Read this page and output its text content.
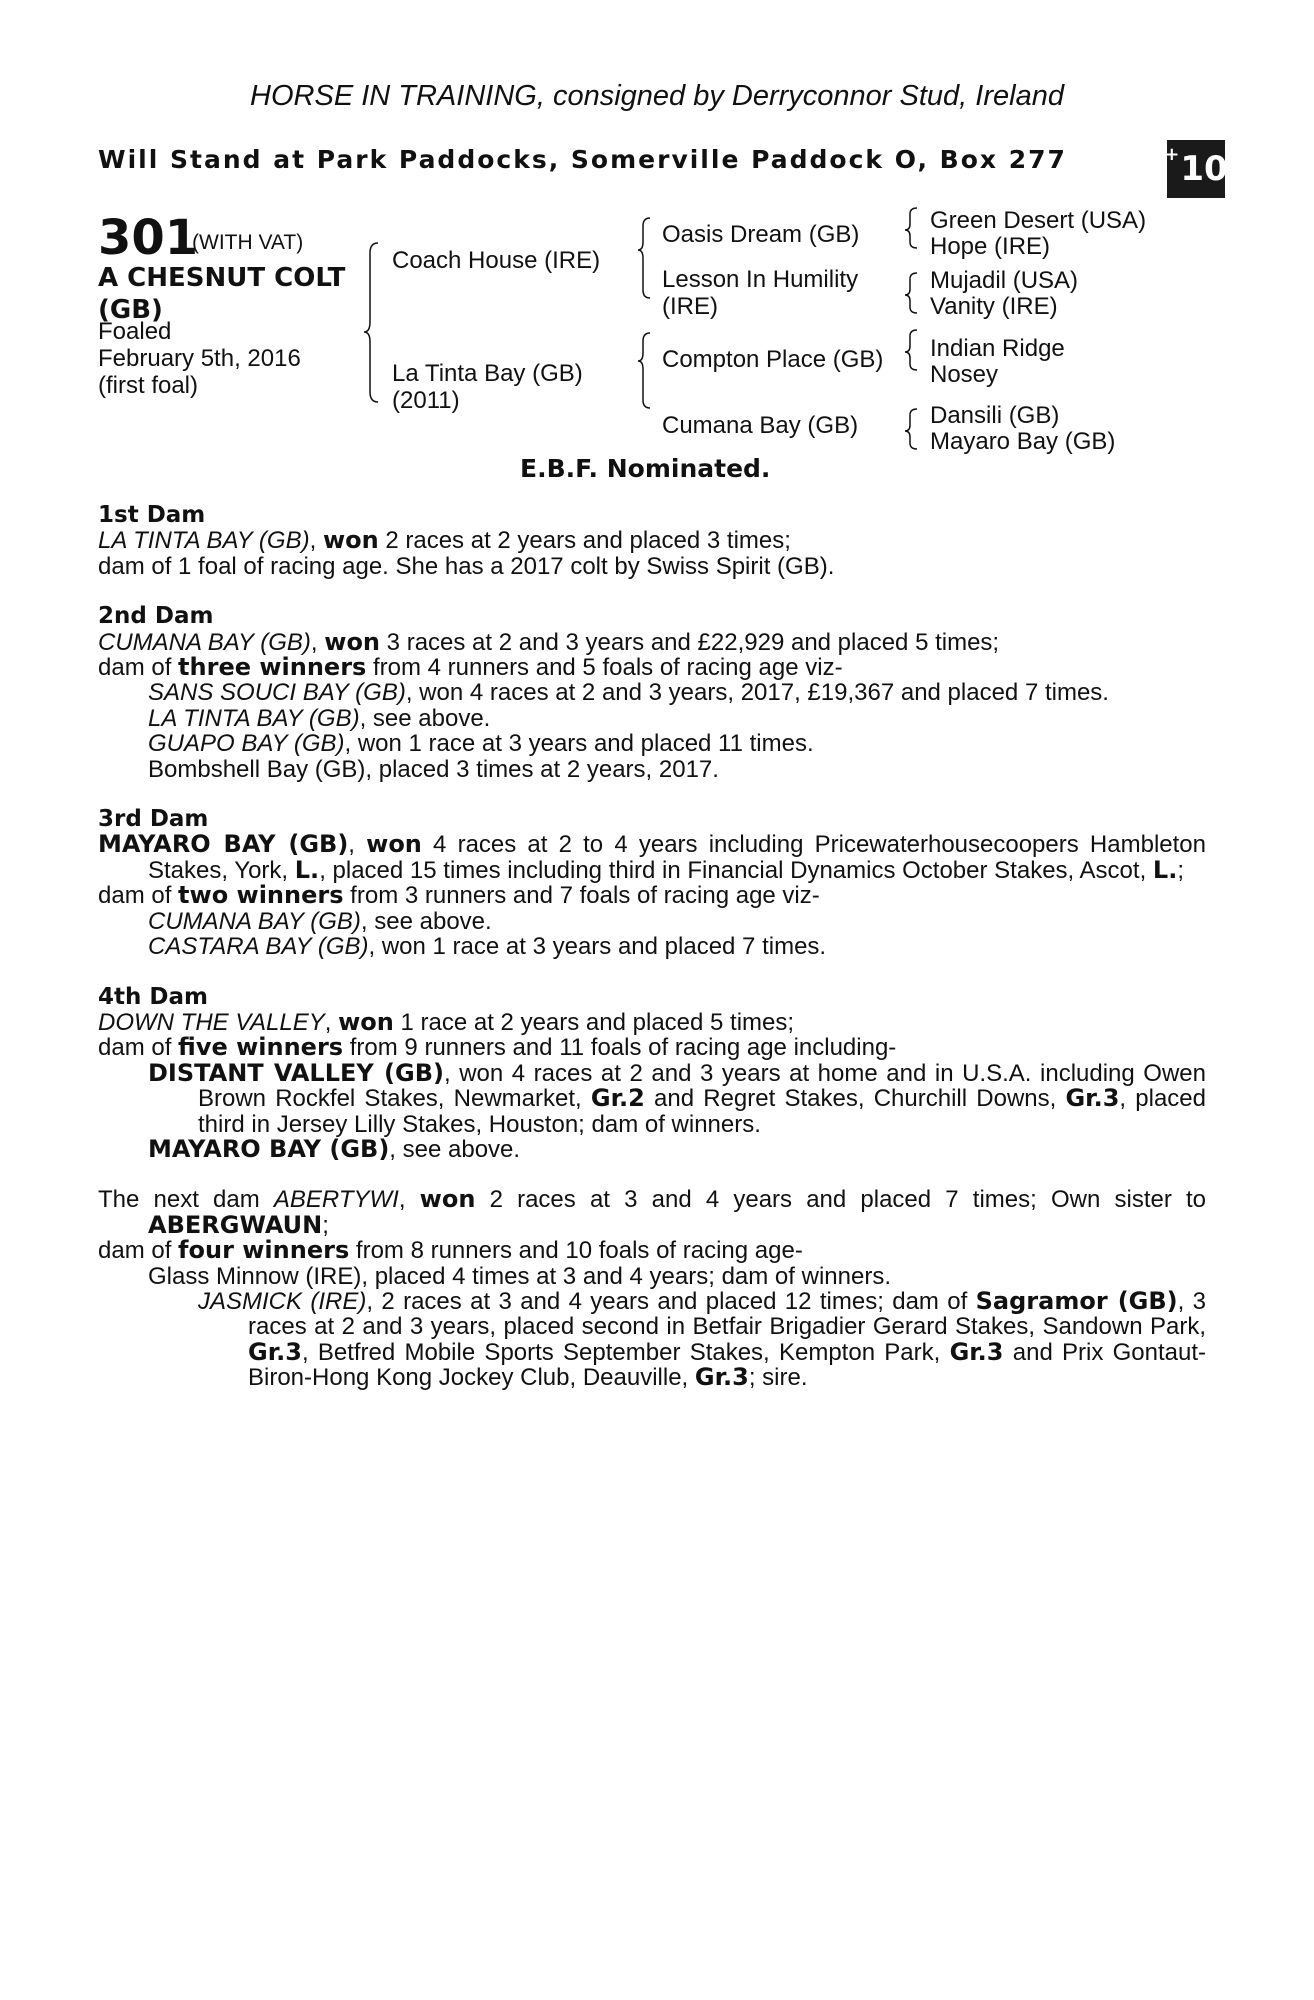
HORSE IN TRAINING, consigned by Derryconnor Stud, Ireland
Will Stand at Park Paddocks, Somerville Paddock O, Box 277	+ 10
301
(WITH VAT)
A CHESNUT COLT
(GB)
Foaled
February 5th, 2016
(first foal)
Coach House (IRE)
La Tinta Bay (GB)
(2011)
Oasis Dream (GB)
Lesson In Humility
(IRE)
Compton Place (GB)
Cumana Bay (GB)
Green Desert (USA)
Hope (IRE)
Mujadil (USA)
Vanity (IRE)
Indian Ridge
Nosey
Dansili (GB)
Mayaro Bay (GB)
E.B.F. Nominated.
1st Dam
LA TINTA BAY (GB), won 2 races at 2 years and placed 3 times;
dam of 1 foal of racing age. She has a 2017 colt by Swiss Spirit (GB).
2nd Dam
CUMANA BAY (GB), won 3 races at 2 and 3 years and £22,929 and placed 5 times;
dam of three winners from 4 runners and 5 foals of racing age viz-
SANS SOUCI BAY (GB), won 4 races at 2 and 3 years, 2017, £19,367 and placed 7 times.
LA TINTA BAY (GB), see above.
GUAPO BAY (GB), won 1 race at 3 years and placed 11 times.
Bombshell Bay (GB), placed 3 times at 2 years, 2017.
3rd Dam
MAYARO BAY (GB), won 4 races at 2 to 4 years including Pricewaterhousecoopers Hambleton Stakes, York, L., placed 15 times including third in Financial Dynamics October Stakes, Ascot, L.;
dam of two winners from 3 runners and 7 foals of racing age viz-
CUMANA BAY (GB), see above.
CASTARA BAY (GB), won 1 race at 3 years and placed 7 times.
4th Dam
DOWN THE VALLEY, won 1 race at 2 years and placed 5 times;
dam of five winners from 9 runners and 11 foals of racing age including-
DISTANT VALLEY (GB), won 4 races at 2 and 3 years at home and in U.S.A. including Owen Brown Rockfel Stakes, Newmarket, Gr.2 and Regret Stakes, Churchill Downs, Gr.3, placed third in Jersey Lilly Stakes, Houston; dam of winners.
MAYARO BAY (GB), see above.
The next dam ABERTYWI, won 2 races at 3 and 4 years and placed 7 times; Own sister to ABERGWAUN;
dam of four winners from 8 runners and 10 foals of racing age-
Glass Minnow (IRE), placed 4 times at 3 and 4 years; dam of winners.
JASMICK (IRE), 2 races at 3 and 4 years and placed 12 times; dam of Sagramor (GB), 3 races at 2 and 3 years, placed second in Betfair Brigadier Gerard Stakes, Sandown Park, Gr.3, Betfred Mobile Sports September Stakes, Kempton Park, Gr.3 and Prix Gontaut-Biron-Hong Kong Jockey Club, Deauville, Gr.3; sire.
